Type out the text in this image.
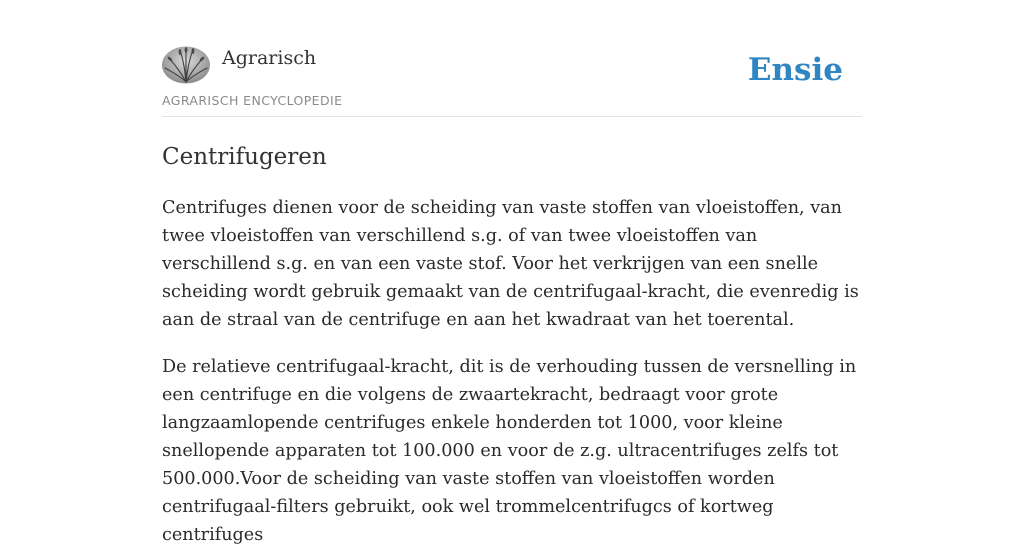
Agrarisch
AGRARISCH ENCYCLOPEDIE
Ensie
Centrifugeren

Centrifuges dienen voor de scheiding van vaste stoffen van vloeistoffen, van twee vloeistoffen van verschillend s.g. of van twee vloeistoffen van verschillend s.g. en van een vaste stof. Voor het verkrijgen van een snelle scheiding wordt gebruik gemaakt van de centrifugaal-kracht, die evenredig is aan de straal van de centrifuge en aan het kwadraat van het toerental.

De relatieve centrifugaal-kracht, dit is de verhouding tussen de versnelling in een centrifuge en die volgens de zwaartekracht, bedraagt voor grote langzaamlopende centrifuges enkele honderden tot 1000, voor kleine snellopende apparaten tot 100.000 en voor de z.g. ultracentrifuges zelfs tot 500.000.Voor de scheiding van vaste stoffen van vloeistoffen worden centrifugaal-filters gebruikt, ook wel trommelcentrifugcs of kortweg centrifuges
